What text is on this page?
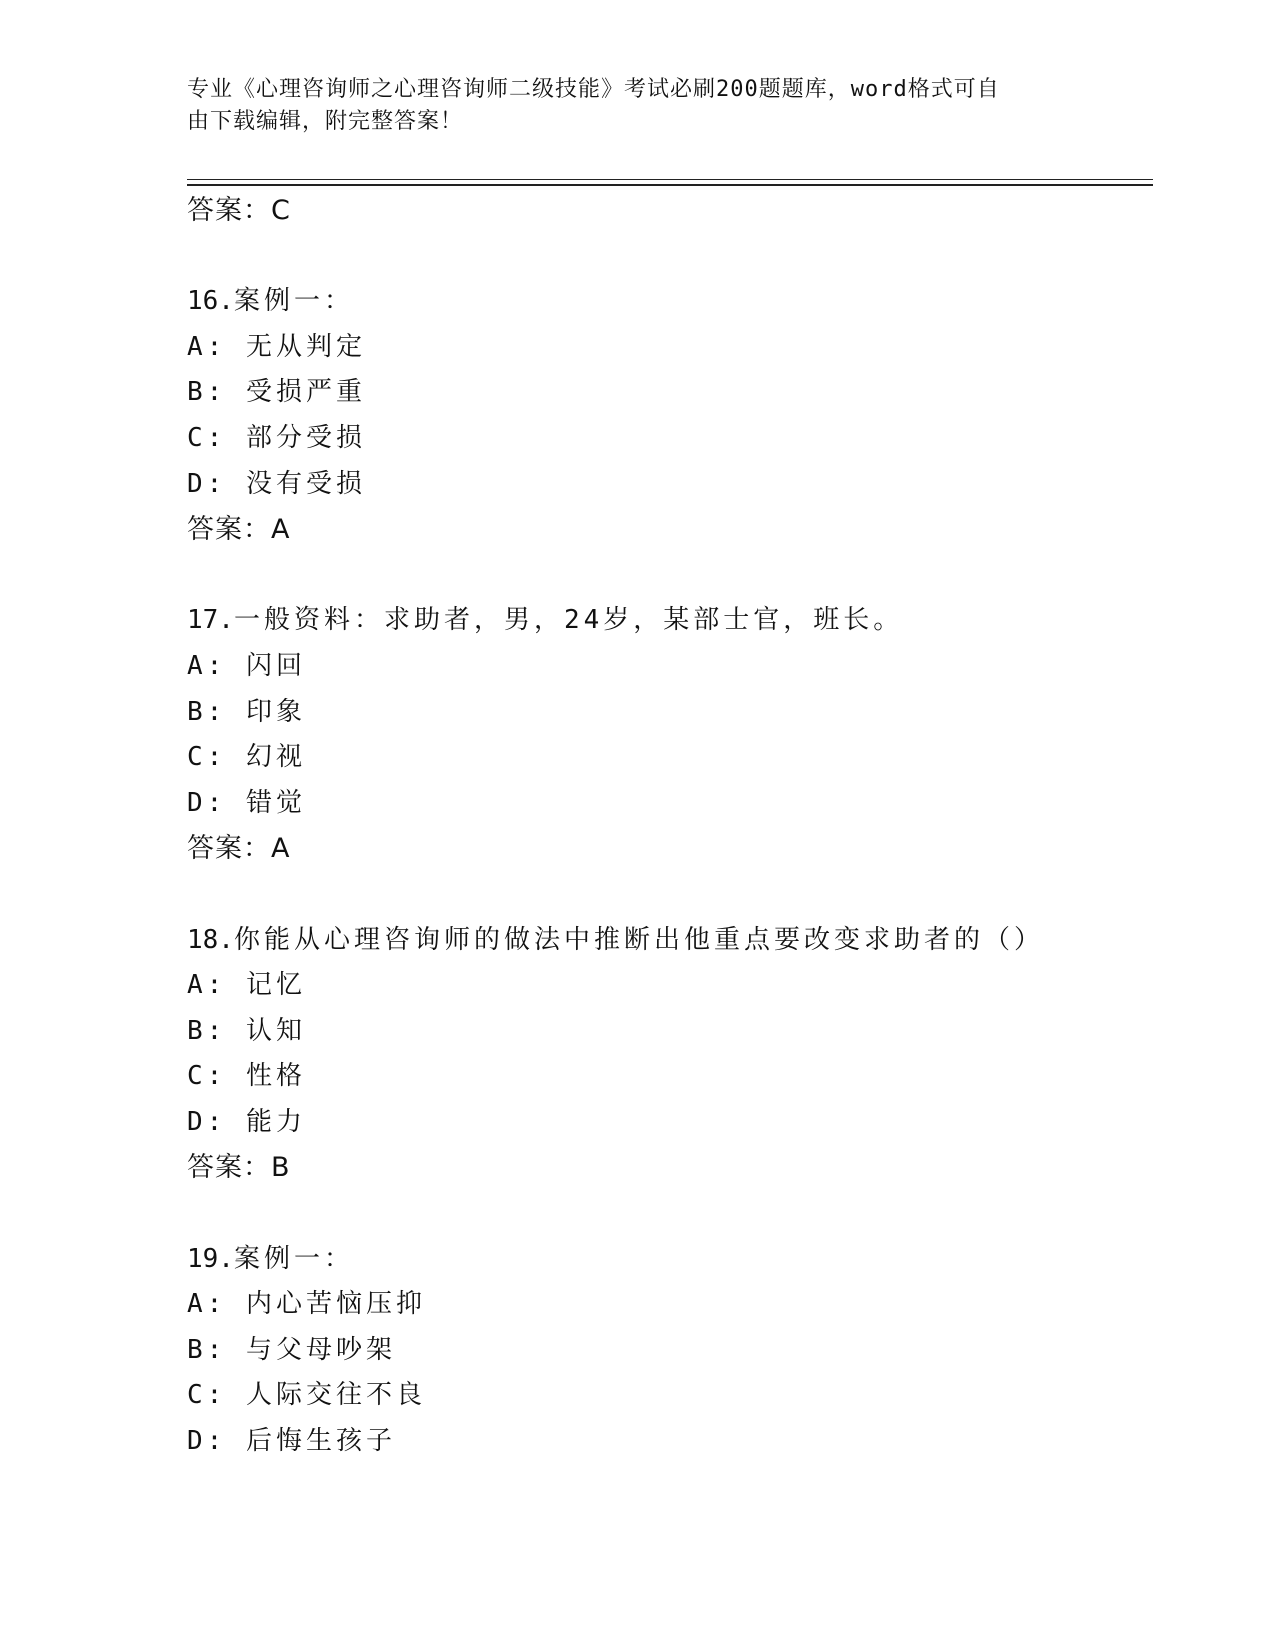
专业《心理咨询师之心理咨询师二级技能》考试必刷200题题库，word格式可自
由下载编辑，附完整答案！
答案：C
16.案例一：
A: 无从判定
B: 受损严重
C: 部分受损
D: 没有受损
答案：A
17.一般资料：求助者，男，24岁，某部士官，班长。
A: 闪回
B: 印象
C: 幻视
D: 错觉
答案：A
18.你能从心理咨询师的做法中推断出他重点要改变求助者的（）
A: 记忆
B: 认知
C: 性格
D: 能力
答案：B
19.案例一：
A: 内心苦恼压抑
B: 与父母吵架
C: 人际交往不良
D: 后悔生孩子
